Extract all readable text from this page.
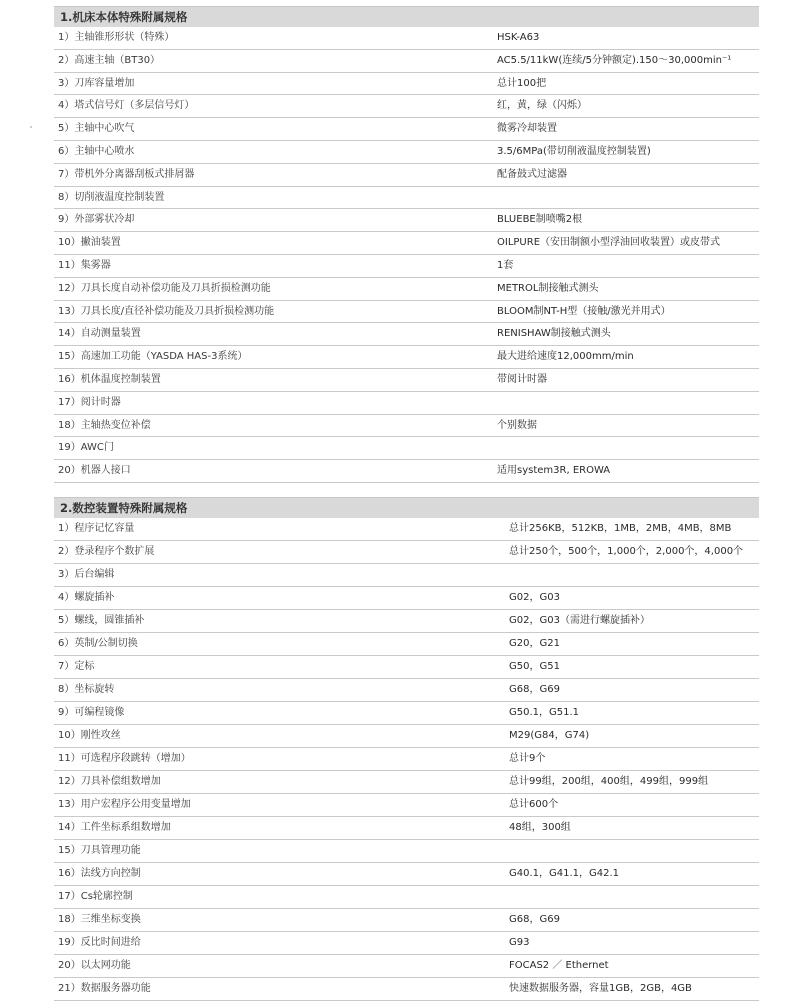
1.机床本体特殊附属规格
1）主轴锥形形状（特殊）	HSK-A63
2）高速主轴（BT30）	AC5.5/11kW(连续/5分钟额定).150～30,000min⁻¹
3）刀库容量增加	总计100把
4）塔式信号灯（多层信号灯）	红，黄，绿（闪烁）
5）主轴中心吹气	微雾冷却装置
6）主轴中心喷水	3.5/6MPa(带切削液温度控制装置)
7）带机外分离器刮板式排屑器	配备鼓式过滤器
8）切削液温度控制装置
9）外部雾状冷却	BLUEBE制喷嘴2根
10）撇油装置	OILPURE（安田制额小型浮油回收装置）或皮带式
11）集雾器	1套
12）刀具长度自动补偿功能及刀具折损检测功能	METROL制接触式测头
13）刀具长度/直径补偿功能及刀具折损检测功能	BLOOM制NT-H型（接触/激光并用式）
14）自动测量装置	RENISHAW制接触式测头
15）高速加工功能（YASDA HAS-3系统）	最大进给速度12,000mm/min
16）机体温度控制装置	带阅计时器
17）阅计时器
18）主轴热变位补偿	个别数据
19）AWC门
20）机器人接口	适用system3R, EROWA
2.数控装置特殊附属规格
1）程序记忆容量	总计256KB，512KB，1MB，2MB，4MB，8MB
2）登录程序个数扩展	总计250个，500个，1,000个，2,000个，4,000个
3）后台编辑
4）螺旋插补	G02，G03
5）螺线，圆锥插补	G02，G03（需进行螺旋插补）
6）英制/公制切换	G20，G21
7）定标	G50，G51
8）坐标旋转	G68，G69
9）可编程镜像	G50.1，G51.1
10）刚性攻丝	M29(G84，G74)
11）可选程序段跳转（增加）	总计9个
12）刀具补偿组数增加	总计99组，200组，400组，499组，999组
13）用户宏程序公用变量增加	总计600个
14）工件坐标系组数增加	48组，300组
15）刀具管理功能
16）法线方向控制	G40.1，G41.1，G42.1
17）Cs轮廓控制
18）三维坐标变换	G68，G69
19）反比时间进给	G93
20）以太网功能	FOCAS2 ／ Ethernet
21）数据服务器功能	快速数据服务器，容量1GB，2GB，4GB
